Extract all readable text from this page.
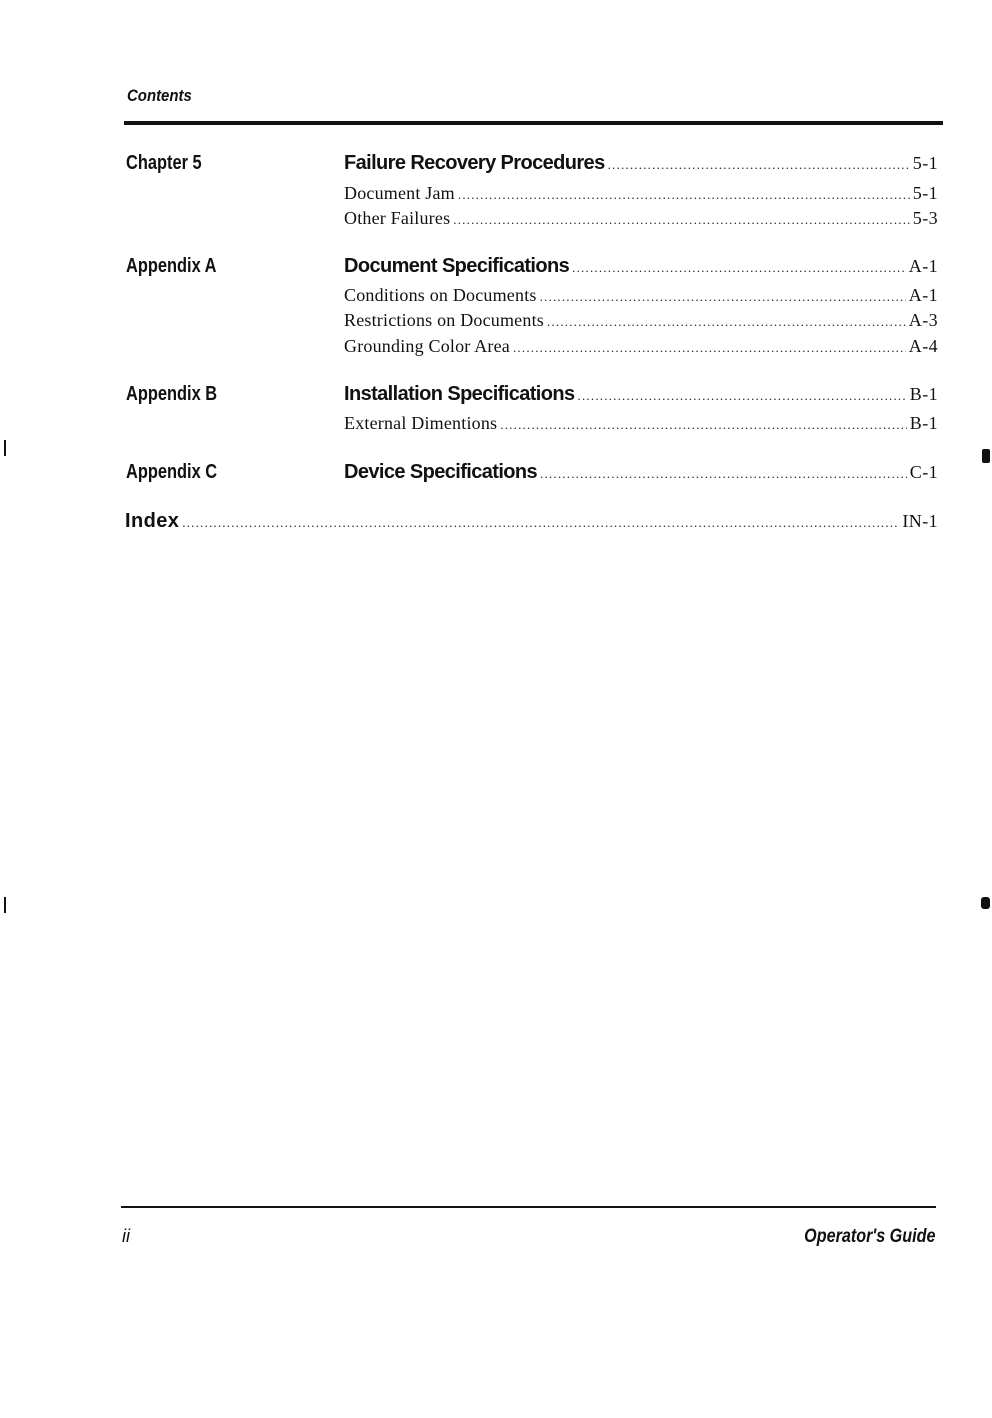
Contents
Chapter 5	Failure Recovery Procedures .....	5-1
Document Jam .....	5-1
Other Failures .....	5-3
Appendix A	Document Specifications .....	A-1
Conditions on Documents .....	A-1
Restrictions on Documents .....	A-3
Grounding Color Area .....	A-4
Appendix B	Installation Specifications .....	B-1
External Dimentions .....	B-1
Appendix C	Device Specifications .....	C-1
Index .....	IN-1
ii	Operator's Guide
